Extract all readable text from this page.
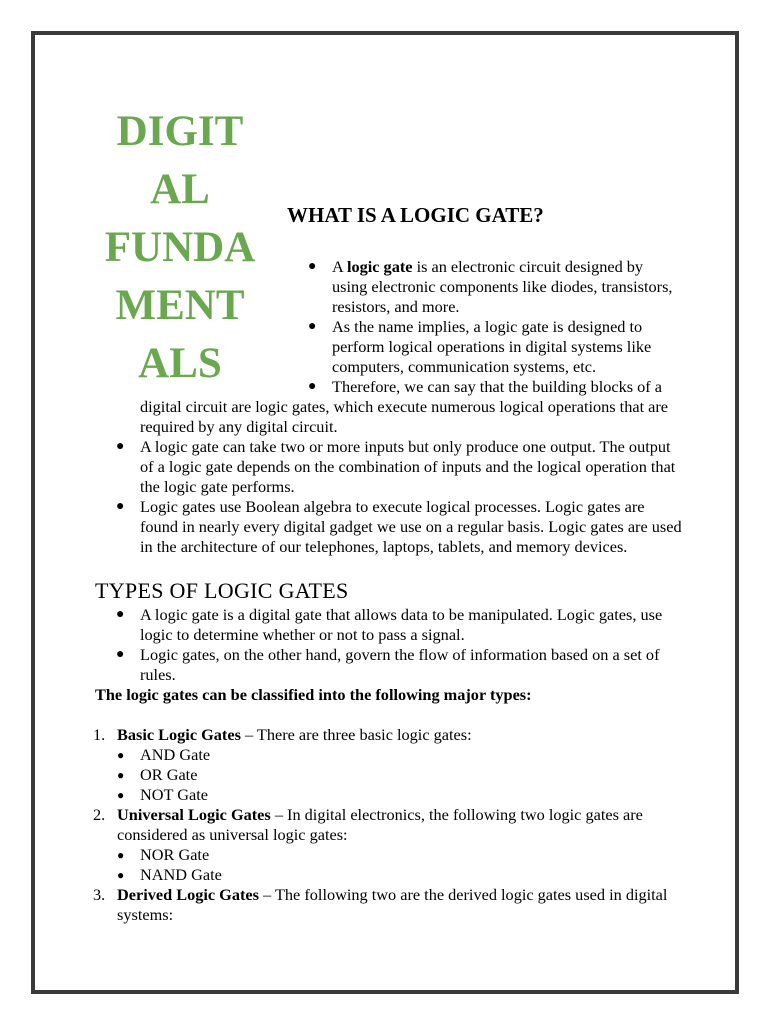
DIGIT
AL
FUNDA
MENT
ALS
WHAT IS A LOGIC GATE?
● A logic gate is an electronic circuit designed by using electronic components like diodes, transistors, resistors, and more.
● As the name implies, a logic gate is designed to perform logical operations in digital systems like computers, communication systems, etc.
● Therefore, we can say that the building blocks of a

digital circuit are logic gates, which execute numerous logical operations that are required by any digital circuit.

● A logic gate can take two or more inputs but only produce one output. The output of a logic gate depends on the combination of inputs and the logical operation that the logic gate performs.
● Logic gates use Boolean algebra to execute logical processes. Logic gates are found in nearly every digital gadget we use on a regular basis. Logic gates are used in the architecture of our telephones, laptops, tablets, and memory devices.
TYPES OF LOGIC GATES
● A logic gate is a digital gate that allows data to be manipulated. Logic gates, use logic to determine whether or not to pass a signal.
● Logic gates, on the other hand, govern the flow of information based on a set of rules.

The logic gates can be classified into the following major types:

1. Basic Logic Gates – There are three basic logic gates:
● AND Gate
● OR Gate
● NOT Gate
2. Universal Logic Gates – In digital electronics, the following two logic gates are considered as universal logic gates:
● NOR Gate
● NAND Gate
3. Derived Logic Gates – The following two are the derived logic gates used in digital systems:
